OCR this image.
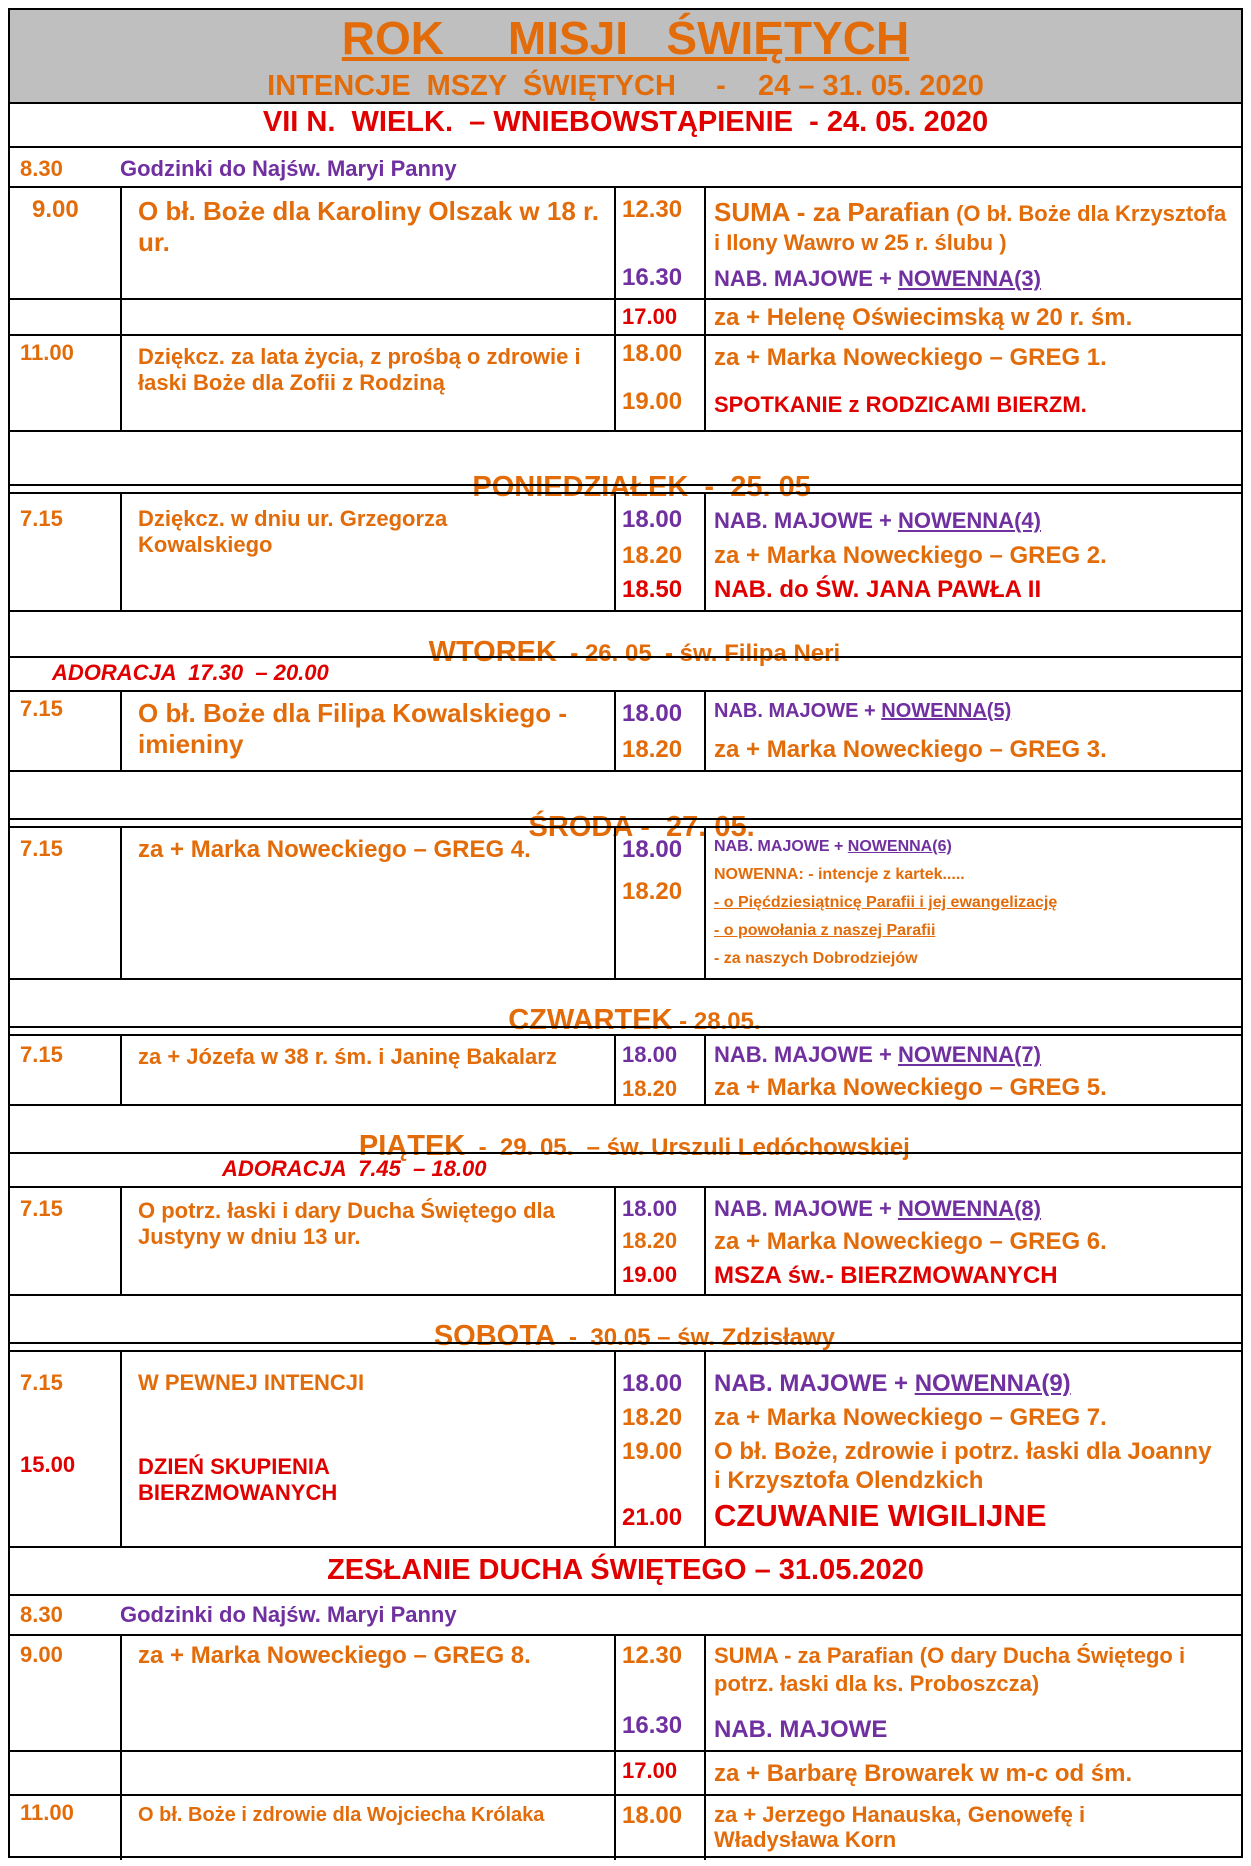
ROK     MISJI   ŚWIĘTYCH
INTENCJE  MSZY  ŚWIĘTYCH     -    24 – 31. 05. 2020
VII N.  WIELK.  – WNIEBOWSTĄPIENIE  - 24. 05. 2020
8.30	Godzinki do Najśw. Maryi Panny
9.00 O bł. Boże dla Karoliny Olszak w 18 r. ur.
12.30 SUMA - za Parafian (O bł. Boże dla Krzysztofa i Ilony Wawro w 25 r. ślubu )
16.30 NAB. MAJOWE + NOWENNA(3)
17.00 za + Helenę Oświecimską w 20 r. śm.
11.00	Dziękcz. za lata życia, z prośbą o zdrowie i łaski Boże dla Zofii z Rodziną
18.00 za + Marka Noweckiego – GREG 1.
19.00 SPOTKANIE z RODZICAMI BIERZM.

PONIEDZIAŁEK  -  25. 05

7.15	Dziękcz. w dniu ur. Grzegorza Kowalskiego
18.00 NAB. MAJOWE + NOWENNA(4)
18.20 za + Marka Noweckiego – GREG 2.
18.50 NAB. do ŚW. JANA PAWŁA II

WTOREK  - 26. 05  - św. Filipa Neri

ADORACJA  17.30  – 20.00
7.15	O bł. Boże dla Filipa Kowalskiego - imieniny
18.00 NAB. MAJOWE + NOWENNA(5)
18.20 za + Marka Noweckiego – GREG 3.

ŚRODA -  27. 05.

7.15	za + Marka Noweckiego – GREG 4.	18.00 NAB. MAJOWE + NOWENNA(6)
18.20
NOWENNA: - intencje z kartek.....
- o Pięćdziesiątnicę Parafii i jej ewangelizację
- o powołania z naszej Parafii
- za naszych Dobrodziejów

CZWARTEK - 28.05.

7.15	za + Józefa w 38 r. śm. i Janinę Bakalarz	18.00 NAB. MAJOWE + NOWENNA(7)
18.20 za + Marka Noweckiego – GREG 5.

PIĄTEK  -  29. 05.  – św. Urszuli Ledóchowskiej

ADORACJA  7.45  – 18.00
7.15	O potrz. łaski i dary Ducha Świętego dla Justyny w dniu 13 ur.
18.00 NAB. MAJOWE + NOWENNA(8)
18.20 za + Marka Noweckiego – GREG 6.
19.00 MSZA św.- BIERZMOWANYCH

SOBOTA  -  30.05 – św. Zdzisławy

7.15	W PEWNEJ INTENCJI
15.00	DZIEŃ SKUPIENIA BIERZMOWANYCH
18.00 NAB. MAJOWE + NOWENNA(9)
18.20 za + Marka Noweckiego – GREG 7.
19.00 O bł. Boże, zdrowie i potrz. łaski dla Joanny i Krzysztofa Olendzkich
21.00 CZUWANIE WIGILIJNE
ZESŁANIE DUCHA ŚWIĘTEGO – 31.05.2020
8.30	Godzinki do Najśw. Maryi Panny
9.00	za + Marka Noweckiego – GREG 8.	12.30 SUMA - za Parafian (O dary Ducha Świętego i potrz. łaski dla ks. Proboszcza)
16.30 NAB. MAJOWE
17.00 za + Barbarę Browarek w m-c od śm.
11.00	O bł. Boże i zdrowie dla Wojciecha Królaka	18.00 za + Jerzego Hanauska, Genowefę i Władysława Korn
